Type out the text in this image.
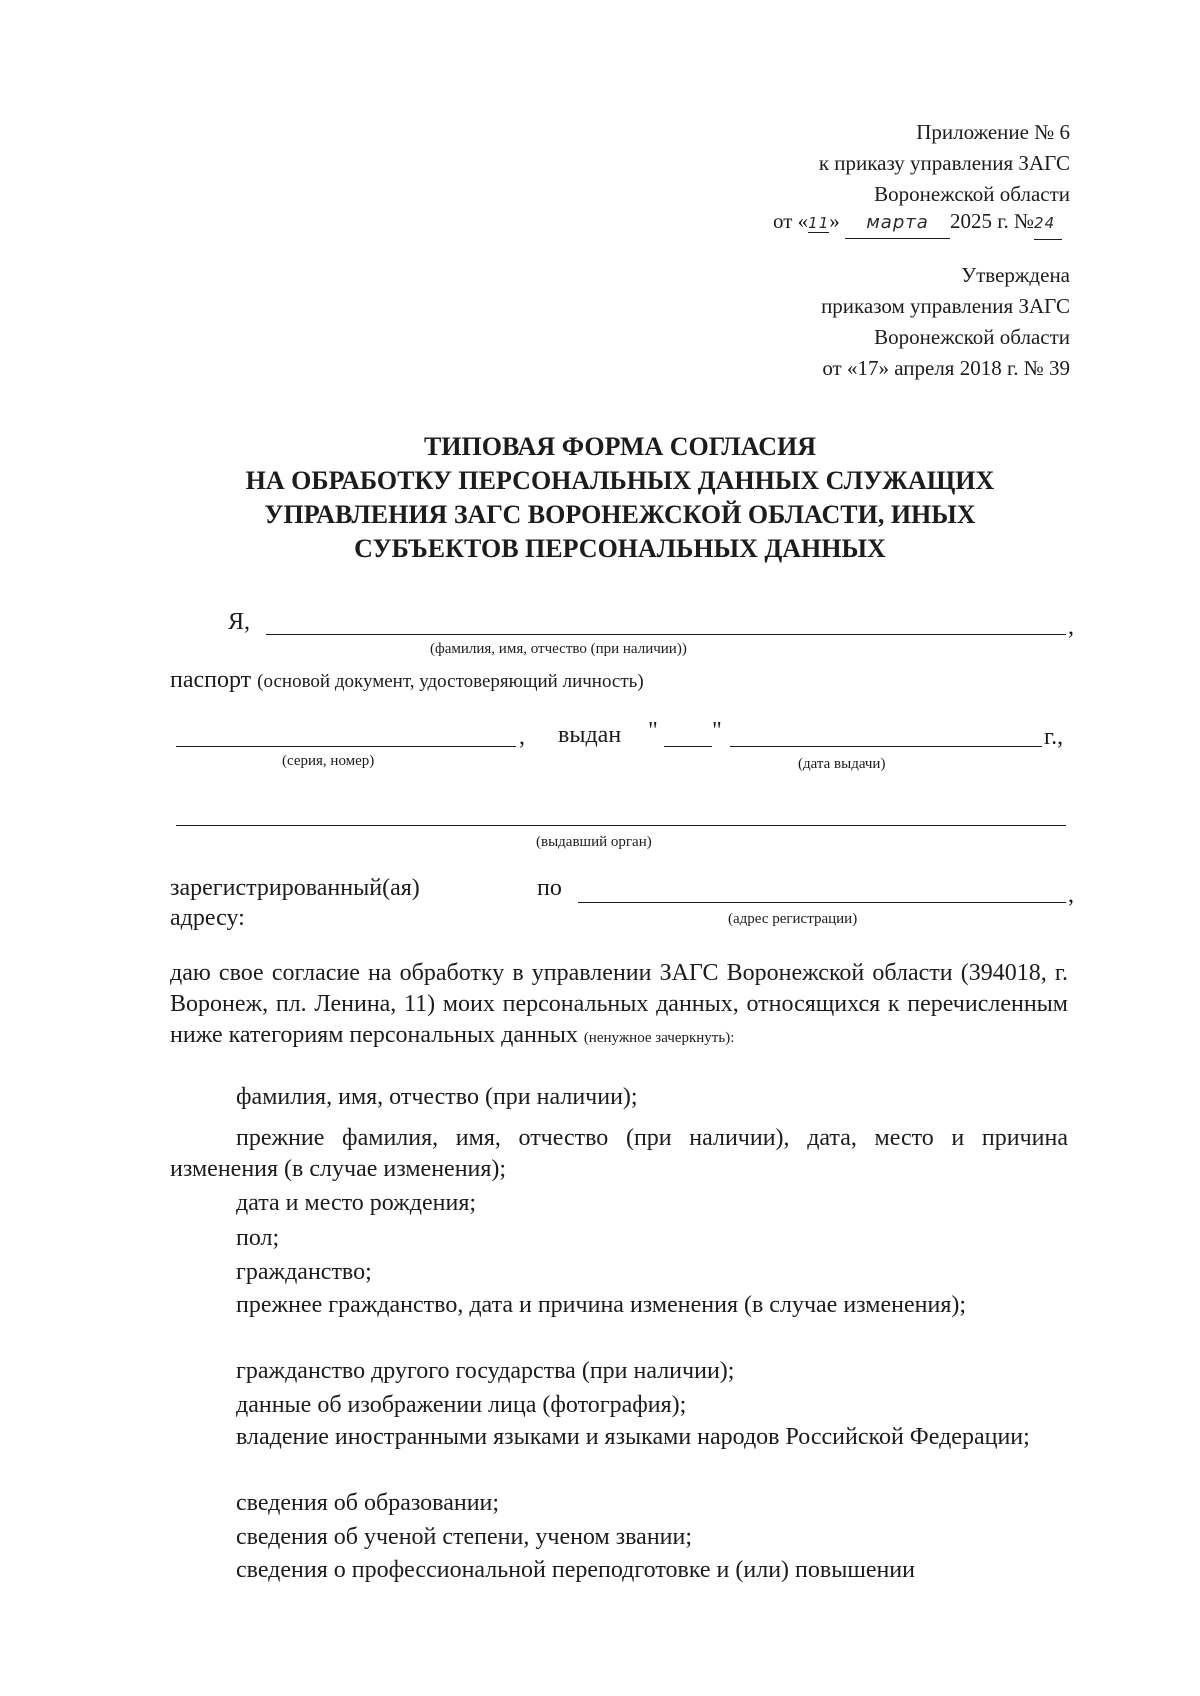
Приложение № 6
к приказу управления ЗАГС
Воронежской области
от «11» марта 2025 г. №24
Утверждена
приказом управления ЗАГС
Воронежской области
от «17» апреля 2018 г. № 39
ТИПОВАЯ ФОРМА СОГЛАСИЯ
НА ОБРАБОТКУ ПЕРСОНАЛЬНЫХ ДАННЫХ СЛУЖАЩИХ
УПРАВЛЕНИЯ ЗАГС ВОРОНЕЖСКОЙ ОБЛАСТИ, ИНЫХ
СУБЪЕКТОВ ПЕРСОНАЛЬНЫХ ДАННЫХ
Я,	,
(фамилия, имя, отчество (при наличии))
паспорт (основой документ, удостоверяющий личность)
, выдан " "	г.,
(серия, номер)	(дата выдачи)
(выдавший орган)
зарегистрированный(ая)	по	,
адресу:	(адрес регистрации)
даю свое согласие на обработку в управлении ЗАГС Воронежской области (394018, г. Воронеж, пл. Ленина, 11) моих персональных данных, относящихся к перечисленным ниже категориям персональных данных (ненужное зачеркнуть):
фамилия, имя, отчество (при наличии);
прежние фамилия, имя, отчество (при наличии), дата, место и причина изменения (в случае изменения);
дата и место рождения;
пол;
гражданство;
прежнее гражданство, дата и причина изменения (в случае изменения);
гражданство другого государства (при наличии);
данные об изображении лица (фотография);
владение иностранными языками и языками народов Российской Федерации;
сведения об образовании;
сведения об ученой степени, ученом звании;
сведения о профессиональной переподготовке и (или) повышении
